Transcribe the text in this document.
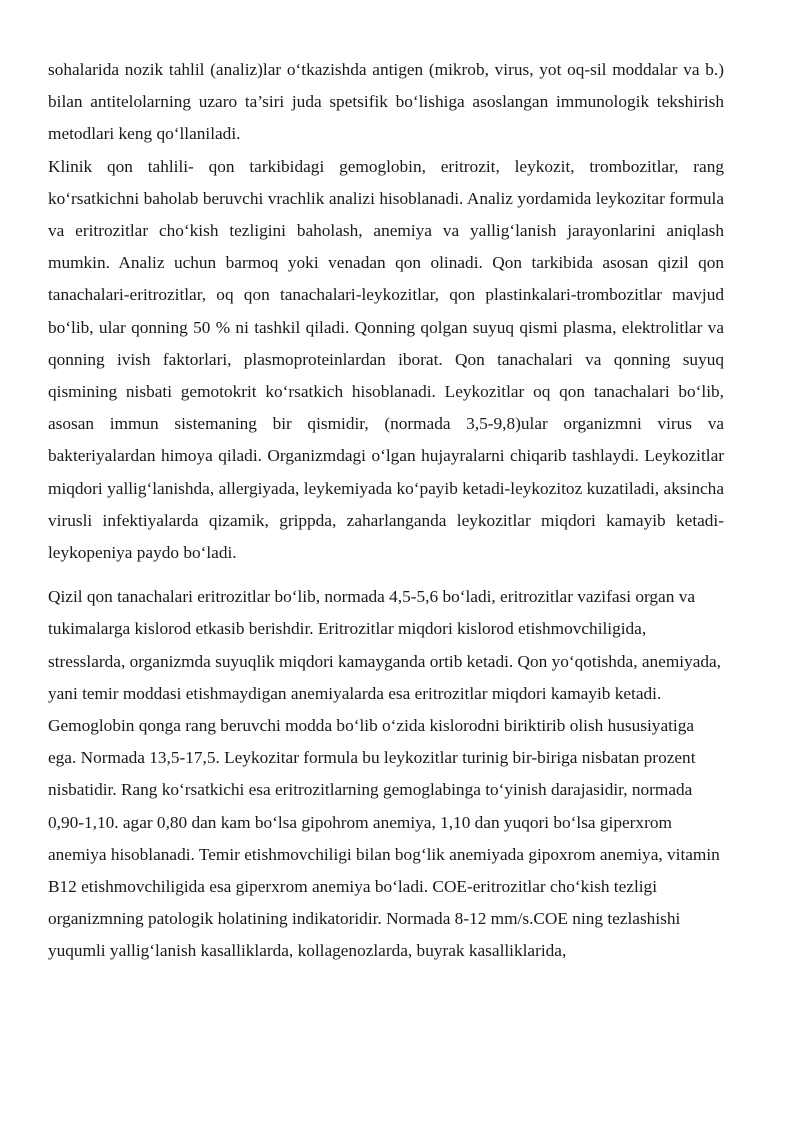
sohalarida nozik tahlil (analiz)lar o‘tkazishda antigen (mikrob, virus, yot oq-sil moddalar va b.) bilan antitelolarning uzaro ta’siri juda spetsifik bo‘lishiga asoslangan immunologik tekshirish metodlari keng qo‘llaniladi.

Klinik qon tahlili- qon tarkibidagi gemoglobin, eritrozit, leykozit, trombozitlar, rang ko‘rsatkichni baholab beruvchi vrachlik analizi hisoblanadi. Analiz yordamida leykozitar formula va eritrozitlar cho‘kish tezligini baholash, anemiya va yallig‘lanish jarayonlarini aniqlash mumkin. Analiz uchun barmoq yoki venadan qon olinadi. Qon tarkibida asosan qizil qon tanachalari-eritrozitlar, oq qon tanachalari-leykozitlar, qon plastinkalari-trombozitlar mavjud bo‘lib, ular qonning 50 % ni tashkil qiladi. Qonning qolgan suyuq qismi plasma, elektrolitlar va qonning ivish faktorlari, plasmoproteinlardan iborat. Qon tanachalari va qonning suyuq qismining nisbati gemotokrit ko‘rsatkich hisoblanadi. Leykozitlar oq qon tanachalari bo‘lib, asosan immun sistemaning bir qismidir, (normada 3,5-9,8)ular organizmni virus va bakteriyalardan himoya qiladi. Organizmdagi o‘lgan hujayralarni chiqarib tashlaydi. Leykozitlar miqdori yallig‘lanishda, allergiyada, leykemiyada ko‘payib ketadi-leykozitoz kuzatiladi, aksincha virusli infektiyalarda qizamik, grippda, zaharlanganda leykozitlar miqdori kamayib ketadi-leykopeniya paydo bo‘ladi.

Qizil qon tanachalari eritrozitlar bo‘lib, normada 4,5-5,6 bo‘ladi, eritrozitlar vazifasi organ va tukimalarga kislorod etkasib berishdir. Eritrozitlar miqdori kislorod etishmovchiligida, stresslarda, organizmda suyuqlik miqdori kamayganda ortib ketadi. Qon yo‘qotishda, anemiyada, yani temir moddasi etishmaydigan anemiyalarda esa eritrozitlar miqdori kamayib ketadi. Gemoglobin qonga rang beruvchi modda bo‘lib o‘zida kislorodni biriktirib olish hususiyatiga ega. Normada 13,5-17,5. Leykozitar formula bu leykozitlar turinig bir-biriga nisbatan prozent nisbatidir. Rang ko‘rsatkichi esa eritrozitlarning gemoglabinga to‘yinish darajasidir, normada 0,90-1,10. agar 0,80 dan kam bo‘lsa gipohrom anemiya, 1,10 dan yuqori bo‘lsa giperxrom anemiya hisoblanadi. Temir etishmovchiligi bilan bog‘lik anemiyada gipoxrom anemiya, vitamin B12 etishmovchiligida esa giperxrom anemiya bo‘ladi. COE-eritrozitlar cho‘kish tezligi organizmning patologik holatining indikatoridir. Normada 8-12 mm/s.COE ning tezlashishi yuqumli yallig‘lanish kasalliklarda, kollagenozlarda, buyrak kasalliklarida,
